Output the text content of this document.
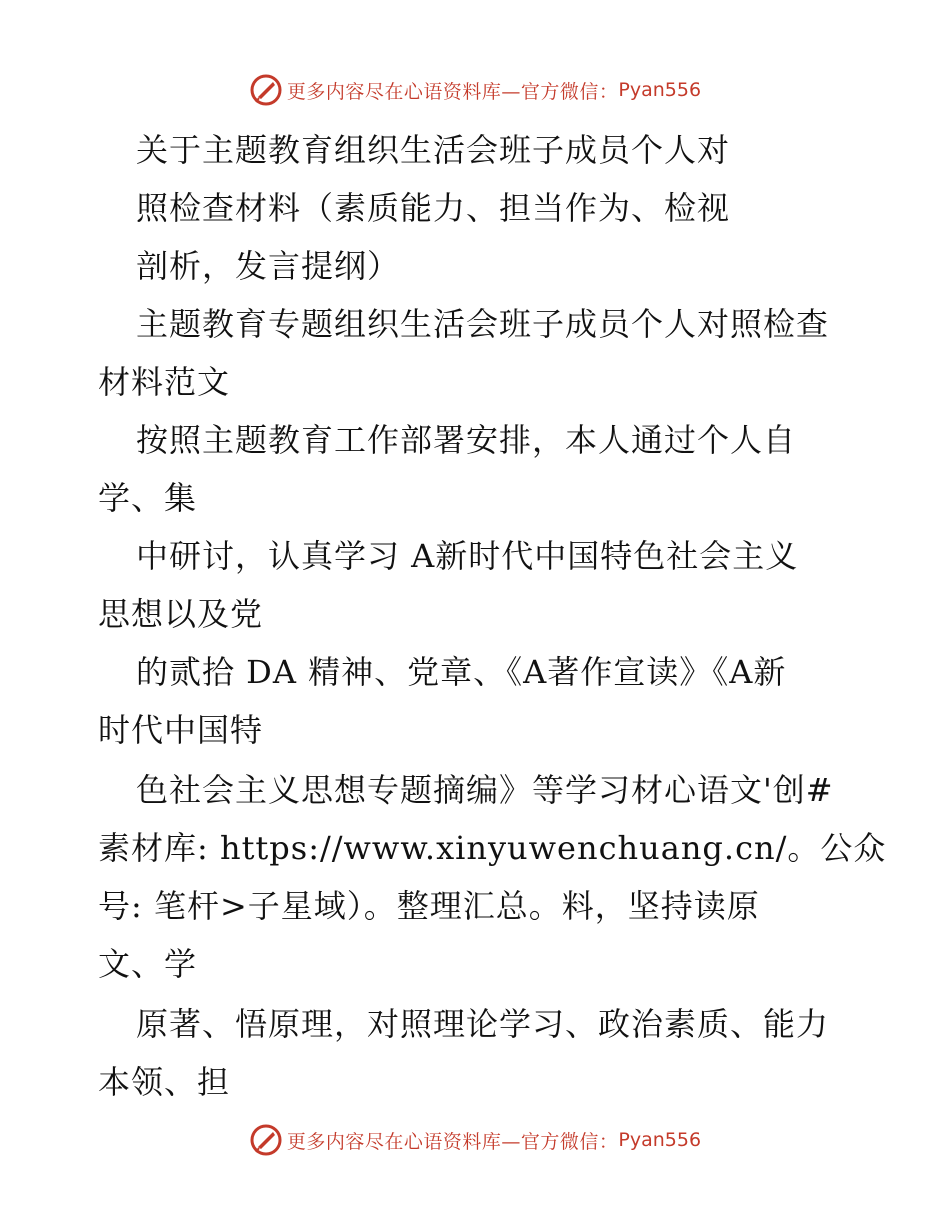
更多内容尽在心语资料库—官方微信： Pyan556
关于主题教育组织生活会班子成员个人对
照检查材料（素质能力、担当作为、检视
剖析，发言提纲）
主题教育专题组织生活会班子成员个人对照检查
材料范文
按照主题教育工作部署安排，本人通过个人自
学、集
中研讨，认真学习 A新时代中国特色社会主义
思想以及党
的贰拾 DA 精神、党章、《A著作宣读》《A新
时代中国特
色社会主义思想专题摘编》等学习材心语文'创#
素材库: https://www.xinyuwenchuang.cn/。公众
号: 笔杆>子星域）。整理汇总。料，坚持读原
文、学
原著、悟原理，对照理论学习、政治素质、能力
本领、担
更多内容尽在心语资料库—官方微信： Pyan556
